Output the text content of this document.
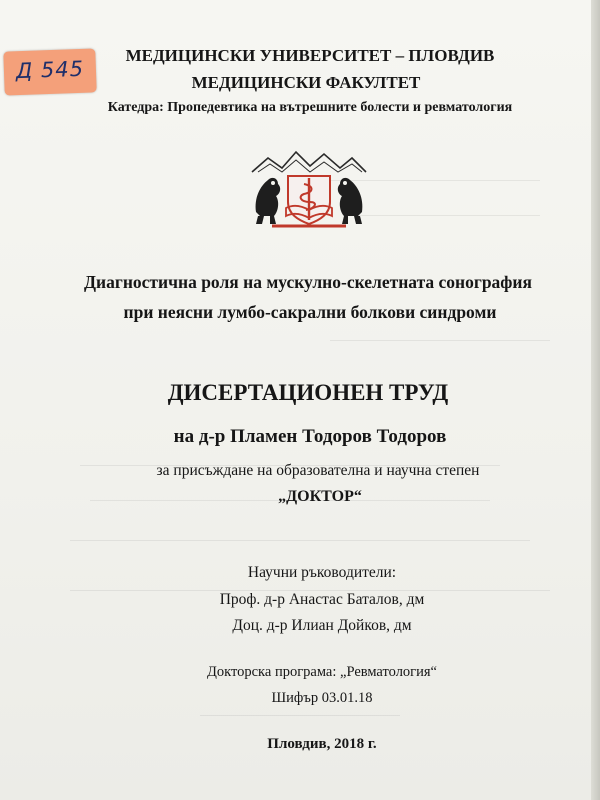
Д 545
МЕДИЦИНСКИ УНИВЕРСИТЕТ – ПЛОВДИВ
МЕДИЦИНСКИ ФАКУЛТЕТ
Катедра: Пропедевтика на вътрешните болести и ревматология
Диагностична роля на мускулно-скелетната сонография
при неясни лумбо-сакрални болкови синдроми
ДИСЕРТАЦИОНЕН ТРУД
на д-р Пламен Тодоров Тодоров
за присъждане на образователна и научна степен
„ДОКТОР“
Научни ръководители:
Проф. д-р Анастас Баталов, дм
Доц. д-р Илиан Дойков, дм
Докторска програма: „Ревматология“
Шифър 03.01.18
Пловдив, 2018 г.
